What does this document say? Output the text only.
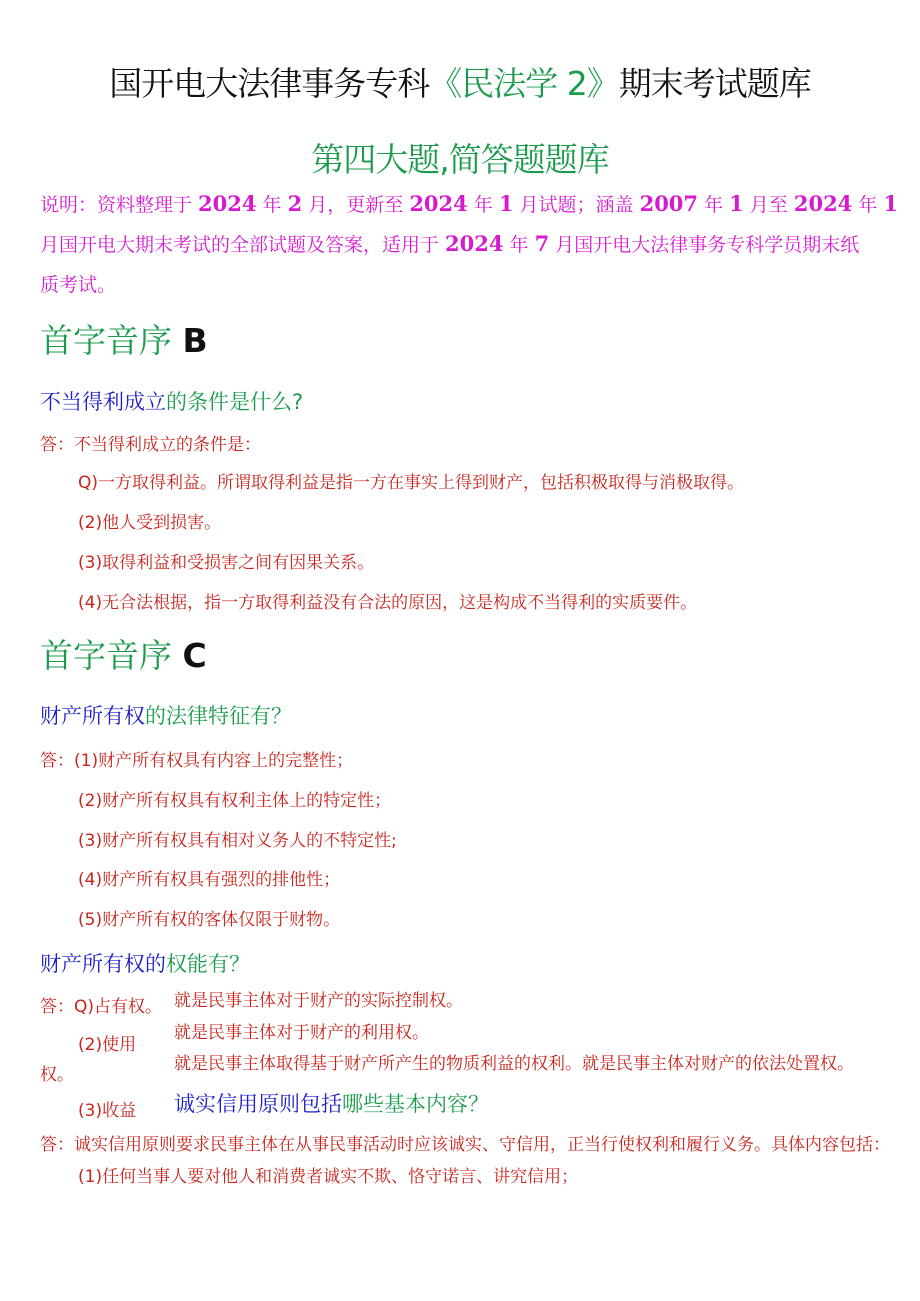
国开电大法律事务专科《民法学 2》期末考试题库
第四大题,简答题题库
说明：资料整理于 2024 年 2 月，更新至 2024 年 1 月试题；涵盖 2007 年 1 月至 2024 年 1
月国开电大期末考试的全部试题及答案，适用于 2024 年 7 月国开电大法律事务专科学员期末纸
质考试。
首字音序 B
不当得利成立的条件是什么?
答：不当得利成立的条件是：
Q)一方取得利益。所谓取得利益是指一方在事实上得到财产，包括积极取得与消极取得。
(2)他人受到损害。
(3)取得利益和受损害之间有因果关系。
(4)无合法根据，指一方取得利益没有合法的原因，这是构成不当得利的实质要件。
首字音序 C
财产所有权的法律特征有？
答：(1)财产所有权具有内容上的完整性；
(2)财产所有权具有权利主体上的特定性；
(3)财产所有权具有相对义务人的不特定性;
(4)财产所有权具有强烈的排他性；
(5)财产所有权的客体仅限于财物。
财产所有权的权能有？
答：Q)占有权。
(2)使用
权。
(3)收益
就是民事主体对于财产的实际控制权。
就是民事主体对于财产的利用权。
就是民事主体取得基于财产所产生的物质利益的权利。就是民事主体对财产的依法处置权。
诚实信用原则包括哪些基本内容？
答：诚实信用原则要求民事主体在从事民事活动时应该诚实、守信用，正当行使权利和履行义务。具体内容包括：
(1)任何当事人要对他人和消费者诚实不欺、恪守诺言、讲究信用；
